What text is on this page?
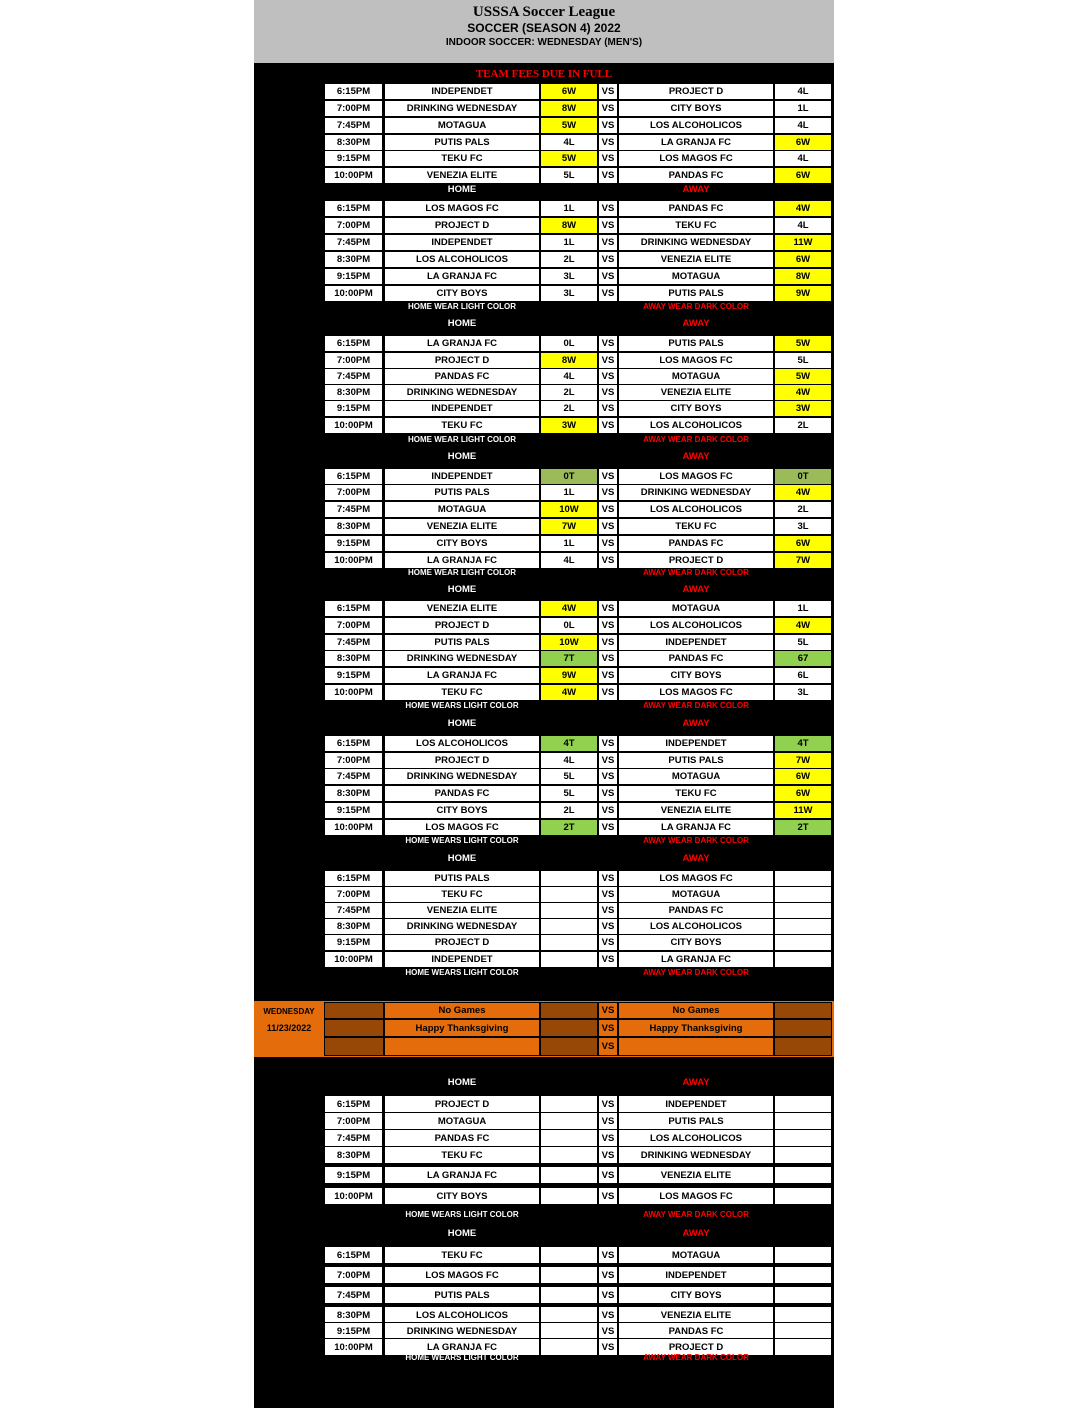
USSSA Soccer League
SOCCER (SEASON 4) 2022
INDOOR SOCCER: WEDNESDAY (MEN'S)
TEAM FEES DUE IN FULL
WEDNESDAY
10/5/2022
Classification
6:15PM	INDEPENDET	6W	VS	PROJECT D	4L
7:00PM	DRINKING WEDNESDAY	8W	VS	CITY BOYS	1L
7:45PM	MOTAGUA	5W	VS	LOS ALCOHOLICOS	4L
8:30PM	PUTIS PALS	4L	VS	LA GRANJA FC	6W
9:15PM	TEKU FC	5W	VS	LOS MAGOS FC	4L
10:00PM	VENEZIA ELITE	5L	VS	PANDAS FC	6W
HOME	AWAY
WEDNESDAY
10/12/2022
WEEK 2
6:15PM	LOS MAGOS FC	1L	VS	PANDAS FC	4W
7:00PM	PROJECT D	8W	VS	TEKU FC	4L
7:45PM	INDEPENDET	1L	VS	DRINKING WEDNESDAY	11W
8:30PM	LOS ALCOHOLICOS	2L	VS	VENEZIA ELITE	6W
9:15PM	LA GRANJA FC	3L	VS	MOTAGUA	8W
10:00PM	CITY BOYS	3L	VS	PUTIS PALS	9W
HOME	AWAY
HOME WEAR LIGHT COLOR	AWAY WEAR DARK COLOR
WEDNESDAY
10/19/2022
WEEK 3
6:15PM	LA GRANJA FC	0L	VS	PUTIS PALS	5W
7:00PM	PROJECT D	8W	VS	LOS MAGOS FC	5L
7:45PM	PANDAS FC	4L	VS	MOTAGUA	5W
8:30PM	DRINKING WEDNESDAY	2L	VS	VENEZIA ELITE	4W
9:15PM	INDEPENDET	2L	VS	CITY BOYS	3W
10:00PM	TEKU FC	3W	VS	LOS ALCOHOLICOS	2L
HOME	AWAY
HOME WEAR LIGHT COLOR	AWAY WEAR DARK COLOR
WEDNESDAY
10/26/2022
WEEK 4
6:15PM	INDEPENDET	0T	VS	LOS MAGOS FC	0T
7:00PM	PUTIS PALS	1L	VS	DRINKING WEDNESDAY	4W
7:45PM	MOTAGUA	10W	VS	LOS ALCOHOLICOS	2L
8:30PM	VENEZIA ELITE	7W	VS	TEKU FC	3L
9:15PM	CITY BOYS	1L	VS	PANDAS FC	6W
10:00PM	LA GRANJA FC	4L	VS	PROJECT D	7W
HOME	AWAY
HOME WEAR LIGHT COLOR	AWAY WEAR DARK COLOR
WEDNESDAY
11/2/2022
WEEK 5
6:15PM	VENEZIA ELITE	4W	VS	MOTAGUA	1L
7:00PM	PROJECT D	0L	VS	LOS ALCOHOLICOS	4W
7:45PM	PUTIS PALS	10W	VS	INDEPENDET	5L
8:30PM	DRINKING WEDNESDAY	7T	VS	PANDAS FC	67
9:15PM	LA GRANJA FC	9W	VS	CITY BOYS	6L
10:00PM	TEKU FC	4W	VS	LOS MAGOS FC	3L
HOME	AWAY
HOME WEARS LIGHT COLOR	AWAY WEAR DARK COLOR
WEDNESDAY
11/9/2022
WEEK 6
6:15PM	LOS ALCOHOLICOS	4T	VS	INDEPENDET	4T
7:00PM	PROJECT D	4L	VS	PUTIS PALS	7W
7:45PM	DRINKING WEDNESDAY	5L	VS	MOTAGUA	6W
8:30PM	PANDAS FC	5L	VS	TEKU FC	6W
9:15PM	CITY BOYS	2L	VS	VENEZIA ELITE	11W
10:00PM	LOS MAGOS FC	2T	VS	LA GRANJA FC	2T
HOME	AWAY
HOME WEARS LIGHT COLOR	AWAY WEAR DARK COLOR
WEDNESDAY
11/16/2022
WEEK 7
6:15PM	PUTIS PALS	VS	LOS MAGOS FC
7:00PM	TEKU FC	VS	MOTAGUA
7:45PM	VENEZIA ELITE	VS	PANDAS FC
8:30PM	DRINKING WEDNESDAY	VS	LOS ALCOHOLICOS
9:15PM	PROJECT D	VS	CITY BOYS
10:00PM	INDEPENDET	VS	LA GRANJA FC
HOME	AWAY
HOME WEARS LIGHT COLOR	AWAY WEAR DARK COLOR
WEDNESDAY
11/30/2022
WEEK 8
6:15PM	PROJECT D	VS	INDEPENDET
7:00PM	MOTAGUA	VS	PUTIS PALS
7:45PM	PANDAS FC	VS	LOS ALCOHOLICOS
8:30PM	TEKU FC	VS	DRINKING WEDNESDAY
9:15PM	LA GRANJA FC	VS	VENEZIA ELITE
10:00PM	CITY BOYS	VS	LOS MAGOS FC
HOME	AWAY
HOME WEARS LIGHT COLOR	AWAY WEAR DARK COLOR
WEDNESDAY
12/7/2022
WEEK 9
6:15PM	TEKU FC	VS	MOTAGUA
7:00PM	LOS MAGOS FC	VS	INDEPENDET
7:45PM	PUTIS PALS	VS	CITY BOYS
8:30PM	LOS ALCOHOLICOS	VS	VENEZIA ELITE
9:15PM	DRINKING WEDNESDAY	VS	PANDAS FC
10:00PM	LA GRANJA FC	VS	PROJECT D
HOME WEARS LIGHT COLOR	AWAY WEAR DARK COLOR
WEDNESDAY
11/23/2022
No Games	VS	No Games
Happy Thanksgiving	VS	Happy Thanksgiving
VS
